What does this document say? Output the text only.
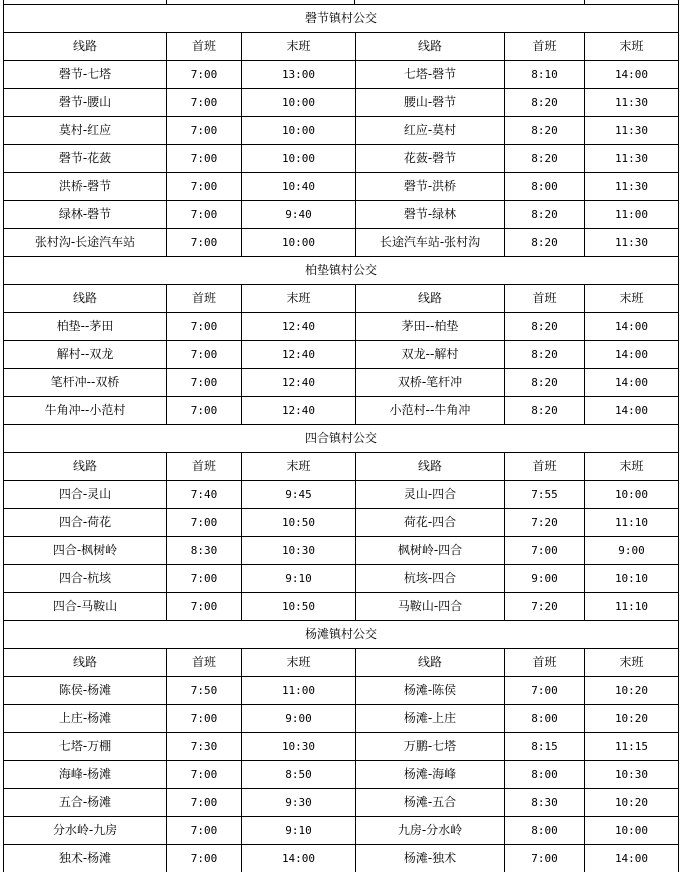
磬节镇村公交
线路	首班	末班	线路	首班	末班
磬节-七塔	7:00	13:00	七塔-磬节	8:10	14:00
磬节-腰山	7:00	10:00	腰山-磬节	8:20	11:30
莫村-红应	7:00	10:00	红应-莫村	8:20	11:30
磬节-花蔹	7:00	10:00	花蔹-磬节	8:20	11:30
洪桥-磬节	7:00	10:40	磬节-洪桥	8:00	11:30
绿林-磬节	7:00	9:40	磬节-绿林	8:20	11:00
张村沟-长途汽车站	7:00	10:00	长途汽车站-张村沟	8:20	11:30
柏垫镇村公交
线路	首班	末班	线路	首班	末班
柏垫--茅田	7:00	12:40	茅田--柏垫	8:20	14:00
解村--双龙	7:00	12:40	双龙--解村	8:20	14:00
笔杆冲--双桥	7:00	12:40	双桥-笔杆冲	8:20	14:00
牛角冲--小范村	7:00	12:40	小范村--牛角冲	8:20	14:00
四合镇村公交
线路	首班	末班	线路	首班	末班
四合-灵山	7:40	9:45	灵山-四合	7:55	10:00
四合-荷花	7:00	10:50	荷花-四合	7:20	11:10
四合-枫树岭	8:30	10:30	枫树岭-四合	7:00	9:00
四合-杭垓	7:00	9:10	杭垓-四合	9:00	10:10
四合-马鞍山	7:00	10:50	马鞍山-四合	7:20	11:10
杨滩镇村公交
线路	首班	末班	线路	首班	末班
陈侯-杨滩	7:50	11:00	杨滩-陈侯	7:00	10:20
上庄-杨滩	7:00	9:00	杨滩-上庄	8:00	10:20
七塔-万棚	7:30	10:30	万鹏-七塔	8:15	11:15
海峰-杨滩	7:00	8:50	杨滩-海峰	8:00	10:30
五合-杨滩	7:00	9:30	杨滩-五合	8:30	10:20
分水岭-九房	7:00	9:10	九房-分水岭	8:00	10:00
独术-杨滩	7:00	14:00	杨滩-独术	7:00	14:00
